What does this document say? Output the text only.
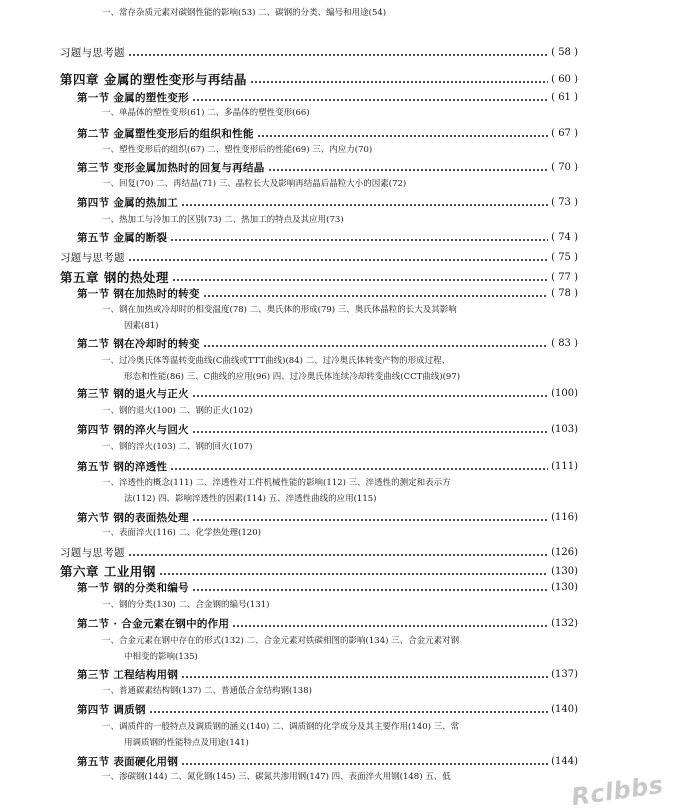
一、常存杂质元素对碳钢性能的影响(53) 二、碳钢的分类、编号和用途(54)
习题与思考题	( 58 )
第四章 金属的塑性变形与再结晶	( 60 )
第一节 金属的塑性变形	( 61 )
一、单晶体的塑性变形(61) 二、多晶体的塑性变形(66)
第二节 金属塑性变形后的组织和性能	( 67 )
一、塑性变形后的组织(67) 二、塑性变形后的性能(69) 三、内应力(70)
第三节 变形金属加热时的回复与再结晶	( 70 )
一、回复(70) 二、再结晶(71) 三、晶粒长大及影响再结晶后晶粒大小的因素(72)
第四节 金属的热加工	( 73 )
一、热加工与冷加工的区别(73) 二、热加工的特点及其应用(73)
第五节 金属的断裂	( 74 )
习题与思考题	( 75 )
第五章 钢的热处理	( 77 )
第一节 钢在加热时的转变	( 78 )
一、钢在加热或冷却时的相变温度(78) 二、奥氏体的形成(79) 三、奥氏体晶粒的长大及其影响
因素(81)
第二节 钢在冷却时的转变	( 83 )
一、过冷奥氏体等温转变曲线(C曲线或TTT曲线)(84) 二、过冷奥氏体转变产物的形成过程、
形态和性能(86) 三、C曲线的应用(96) 四、过冷奥氏体连续冷却转变曲线(CCT曲线)(97)
第三节 钢的退火与正火	(100)
一、钢的退火(100) 二、钢的正火(102)
第四节 钢的淬火与回火	(103)
一、钢的淬火(103) 二、钢的回火(107)
第五节 钢的淬透性	(111)
一、淬透性的概念(111) 二、淬透性对工件机械性能的影响(112) 三、淬透性的测定和表示方
法(112) 四、影响淬透性的因素(114) 五、淬透性曲线的应用(115)
第六节 钢的表面热处理	(116)
一、表面淬火(116) 二、化学热处理(120)
习题与思考题	(126)
第六章 工业用钢	(130)
第一节 钢的分类和编号	(130)
一、钢的分类(130) 二、合金钢的编号(131)
第二节 · 合金元素在钢中的作用	(132)
一、合金元素在钢中存在的形式(132) 二、合金元素对铁碳相图的影响(134) 三、合金元素对钢
中相变的影响(135)
第三节 工程结构用钢	(137)
一、普通碳素结构钢(137) 二、普通低合金结构钢(138)
第四节 调质钢	(140)
一、调质件的一般特点及调质钢的涵义(140) 二、调质钢的化学成分及其主要作用(140) 三、常
用调质钢的性能特点及用途(141)
第五节 表面硬化用钢	(144)
一、渗碳钢(144) 二、氮化钢(145) 三、碳氮共渗用钢(147) 四、表面淬火用钢(148) 五、低	Rclbbs
